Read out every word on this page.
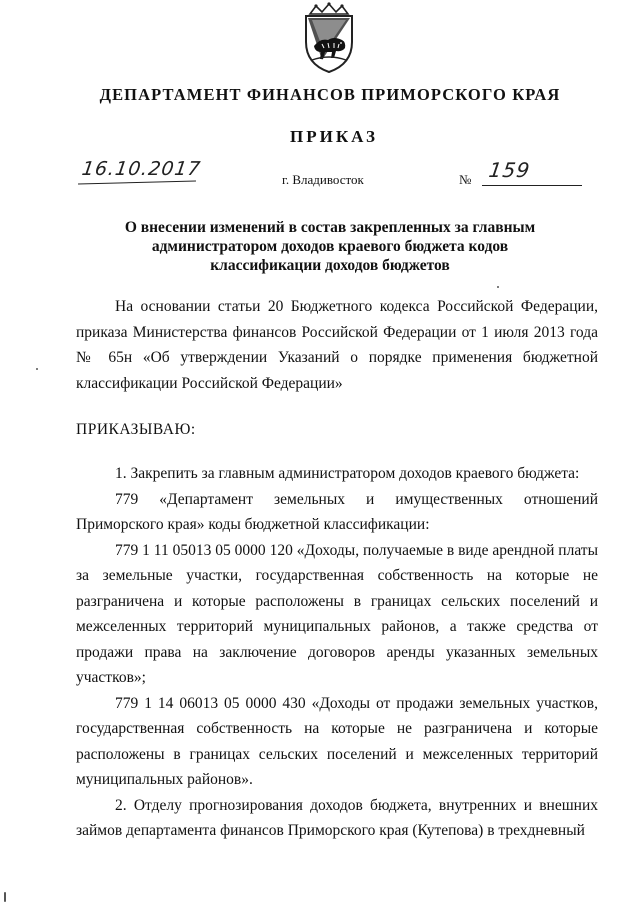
ДЕПАРТАМЕНТ ФИНАНСОВ ПРИМОРСКОГО КРАЯ
ПРИКАЗ
16.10.2017	г. Владивосток	№ 159
О внесении изменений в состав закрепленных за главным
администратором доходов краевого бюджета кодов
классификации доходов бюджетов

На основании статьи 20 Бюджетного кодекса Российской Федерации, приказа Министерства финансов Российской Федерации от 1 июля 2013 года № 65н «Об утверждении Указаний о порядке применения бюджетной классификации Российской Федерации»

ПРИКАЗЫВАЮ:

1. Закрепить за главным администратором доходов краевого бюджета:

779 «Департамент земельных и имущественных отношений Приморского края» коды бюджетной классификации:

779 1 11 05013 05 0000 120 «Доходы, получаемые в виде арендной платы за земельные участки, государственная собственность на которые не разграничена и которые расположены в границах сельских поселений и межселенных территорий муниципальных районов, а также средства от продажи права на заключение договоров аренды указанных земельных участков»;

779 1 14 06013 05 0000 430 «Доходы от продажи земельных участков, государственная собственность на которые не разграничена и которые расположены в границах сельских поселений и межселенных территорий муниципальных районов».

2. Отделу прогнозирования доходов бюджета, внутренних и внешних займов департамента финансов Приморского края (Кутепова) в трехдневный
